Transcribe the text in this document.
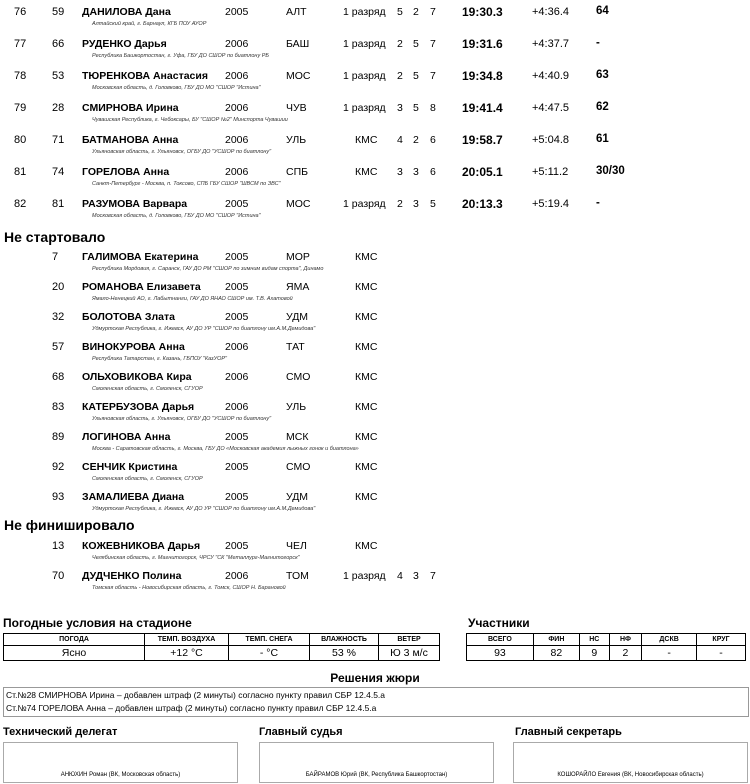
76 59 ДАНИЛОВА Дана	2005	АЛТ	1 разряд 5 2 7 19:30.3	+4:36.4 64
Алтайский край, г. Барнаул, КГБ ПОУ АУОР
77 66 РУДЕНКО Дарья	2006	БАШ	1 разряд 2 5 7 19:31.6	+4:37.7 -
Республика Башкортостан, г. Уфа, ГБУ ДО СШОР по биатлону РБ
78 53 ТЮРЕНКОВА Анастасия 2006	МОС	1 разряд 2 5 7 19:34.8	+4:40.9 63
Московская область, д. Головково, ГБУ ДО МО "СШОР "Истина"
79 28 СМИРНОВА Ирина	2006	ЧУВ	1 разряд 3 5 8 19:41.4	+4:47.5 62
Чувашская Республика, г. Чебоксары, БУ "СШОР №2" Минспорта Чувашии
80 71 БАТМАНОВА Анна	2006	УЛЬ	КМС 4 2 6 19:58.7	+5:04.8 61
Ульяновская область, г. Ульяновск, ОГБУ ДО "УСШОР по биатлону"
81 74 ГОРЕЛОВА Анна	2006	СПБ	КМС 3 3 6 20:05.1	+5:11.2 30/30
Санкт-Петербург - Москва, п. Токсово, СПБ ГБУ СШОР "ШВСМ по ЗВС"
82 81 РАЗУМОВА Варвара	2005	МОС	1 разряд 2 3 5 20:13.3	+5:19.4 -
Московская область, д. Головково, ГБУ ДО МО "СШОР "Истина"
Не стартовало
7 ГАЛИМОВА Екатерина	2005	МОР	КМС
Республика Мордовия, г. Саранск, ГАУ ДО РМ "СШОР по зимним видам спорта", Динамо
20 РОМАНОВА Елизавета 2005	ЯМА	КМС
Ямало-Ненецкий АО, г. Лабытнанги, ГАУ ДО ЯНАО СШОР им. Т.В. Ахатовой
32 БОЛОТОВА Злата	2005	УДМ	КМС
Удмуртская Республика, г. Ижевск, АУ ДО УР "СШОР по биатлону им.А.М.Демидова"
57 ВИНОКУРОВА Анна	2006	ТАТ	КМС
Республика Татарстан, г. Казань, ГБПОУ "КазУОР"
68 ОЛЬХОВИКОВА Кира	2006	СМО	КМС
Смоленская область, г. Смоленск, СГУОР
83 КАТЕРБУЗОВА Дарья	2006	УЛЬ	КМС
Ульяновская область, г. Ульяновск, ОГБУ ДО "УСШОР по биатлону"
89 ЛОГИНОВА Анна	2005	МСК	КМС
Москва - Саратовская область, г. Москва, ГБУ ДО «Московская академия лыжных гонок и биатлона»
92 СЕНЧИК Кристина	2005	СМО	КМС
Смоленская область, г. Смоленск, СГУОР
93 ЗАМАЛИЕВА Диана	2005	УДМ	КМС
Удмуртская Республика, г. Ижевск, АУ ДО УР "СШОР по биатлону им.А.М.Демидова"
Не финишировало
13 КОЖЕВНИКОВА Дарья 2005	ЧЕЛ	КМС
Челябинская область, г. Магнитогорск, ЧРСУ "СК "Металлург-Магнитогорск"
70 ДУДЧЕНКО Полина	2006	ТОМ	1 разряд 4 3 7
Томская область - Новосибирская область, г. Томск, СШОР Н. Барановой
Погодные условия на стадионе
ПОГОДА	ТЕМП. ВОЗДУХА	ТЕМП. СНЕГА	ВЛАЖНОСТЬ	ВЕТЕР
Ясно	+12 °C	- °C	53 %	Ю 3 м/с
Участники
ВСЕГО	ФИН	НС	НФ	ДСКВ	КРУГ
93	82	9	2	-	-
Решения жюри
Ст.№28 СМИРНОВА Ирина – добавлен штраф (2 минуты) согласно пункту правил СБР 12.4.5.а
Ст.№74 ГОРЕЛОВА Анна – добавлен штраф (2 минуты) согласно пункту правил СБР 12.4.5.а
Технический делегат	Главный судья	Главный секретарь
АНЮХИН Роман (ВК, Московская область)	БАЙРАМОВ Юрий (ВК, Республика Башкортостан)	КОШОРАЙЛО Евгения (ВК, Новосибирская область)
